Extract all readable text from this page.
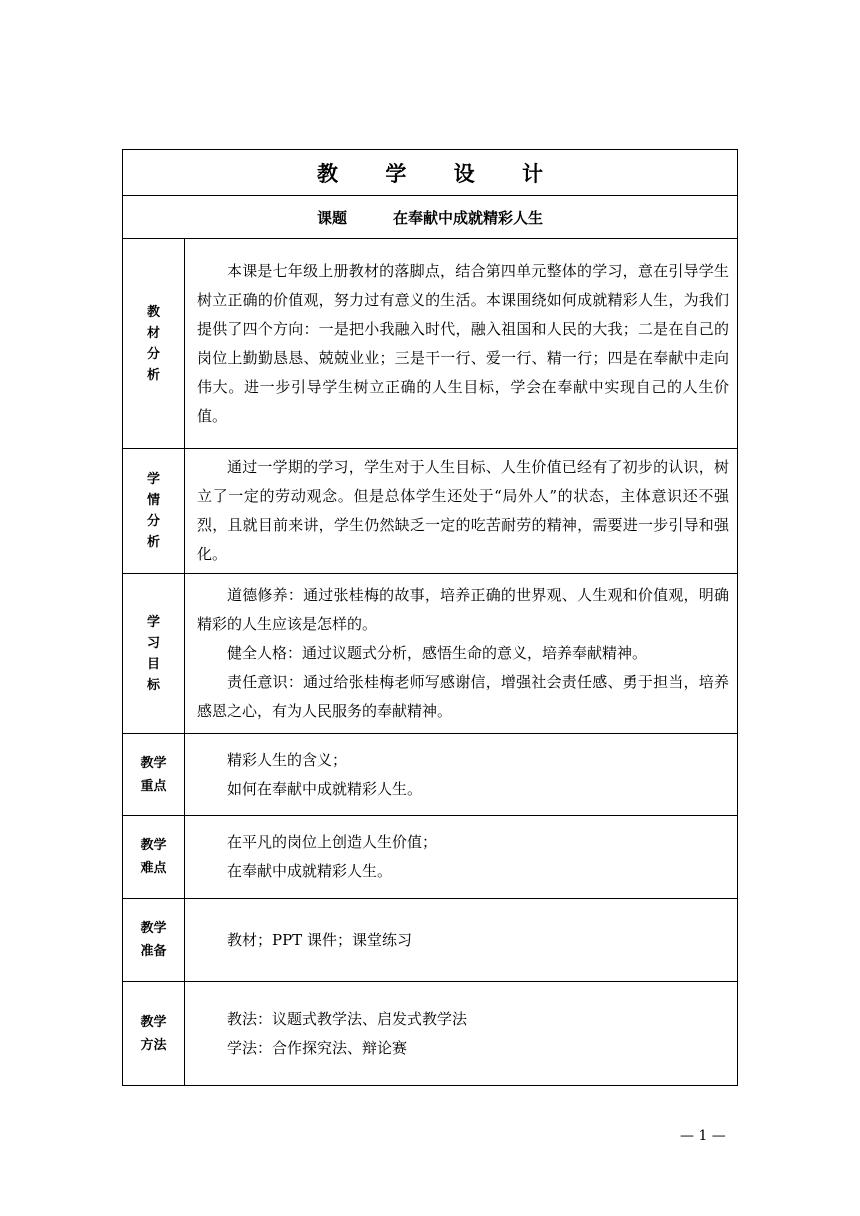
教 学 设 计
课题	在奉献中成就精彩人生
教材分析

本课是七年级上册教材的落脚点，结合第四单元整体的学习，意在引导学生树立正确的价值观，努力过有意义的生活。本课围绕如何成就精彩人生，为我们提供了四个方向：一是把小我融入时代，融入祖国和人民的大我；二是在自己的岗位上勤勤恳恳、兢兢业业；三是干一行、爱一行、精一行；四是在奉献中走向伟大。进一步引导学生树立正确的人生目标，学会在奉献中实现自己的人生价值。

学情分析

通过一学期的学习，学生对于人生目标、人生价值已经有了初步的认识，树立了一定的劳动观念。但是总体学生还处于“局外人”的状态，主体意识还不强烈，且就目前来讲，学生仍然缺乏一定的吃苦耐劳的精神，需要进一步引导和强化。

学习目标

道德修养：通过张桂梅的故事，培养正确的世界观、人生观和价值观，明确精彩的人生应该是怎样的。

健全人格：通过议题式分析，感悟生命的意义，培养奉献精神。

责任意识：通过给张桂梅老师写感谢信，增强社会责任感、勇于担当，培养感恩之心，有为人民服务的奉献精神。

教学重点

精彩人生的含义；

如何在奉献中成就精彩人生。

教学难点

在平凡的岗位上创造人生价值；

在奉献中成就精彩人生。

教学准备

教材；PPT 课件；课堂练习

教学方法

教法：议题式教学法、启发式教学法

学法：合作探究法、辩论赛

— 1 —
